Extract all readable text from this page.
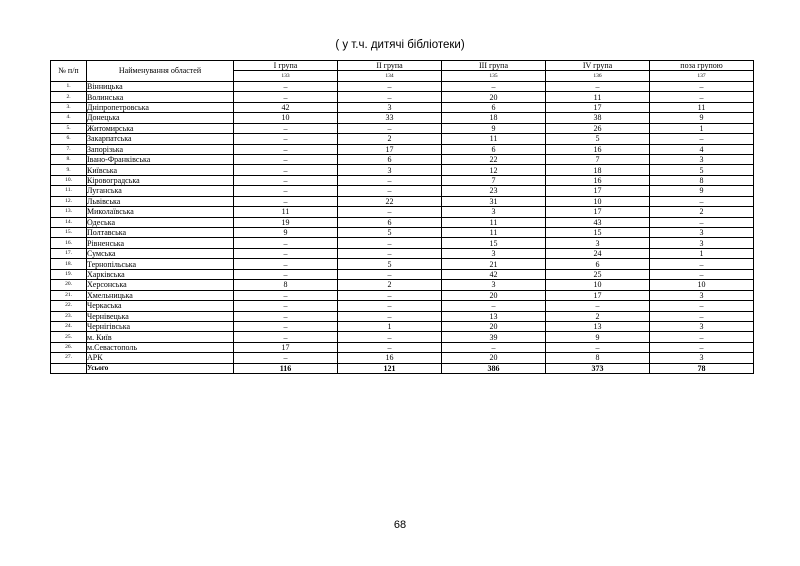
( у т.ч. дитячі бібліотеки)
№ п/п	Найменування областей	I група	II група	III група	IV група	поза групою
		133	134	135	136	137
1.	Вінницька	–	–	–	–	–
2.	Волинська	–	–	20	11	–
3.	Дніпропетровська	42	3	6	17	11
4.	Донецька	10	33	18	38	9
5.	Житомирська	–	–	9	26	1
6.	Закарпатська	–	2	11	5	–
7.	Запорізька	–	17	6	16	4
8.	Івано-Франківська	–	6	22	7	3
9.	Київська	–	3	12	18	5
10.	Кіровоградська	–	–	7	16	8
11.	Луганська	–	–	23	17	9
12.	Львівська	–	22	31	10	–
13.	Миколаївська	11	–	3	17	2
14.	Одеська	19	6	11	43	–
15.	Полтавська	9	5	11	15	3
16.	Рівненська	–	–	15	3	3
17.	Сумська	–	–	3	24	1
18.	Тернопільська	–	5	21	6	–
19.	Харківська	–	–	42	25	–
20.	Херсонська	8	2	3	10	10
21.	Хмельницька	–	–	20	17	3
22.	Черкаська	–	–	–	–	–
23.	Чернівецька	–	–	13	2	–
24.	Чернігівська	–	1	20	13	3
25.	м. Київ	–	–	39	9	–
26.	м.Севастополь	17	–	–	–	–
27.	АРК	–	16	20	8	3
	Усього	116	121	386	373	78
68
